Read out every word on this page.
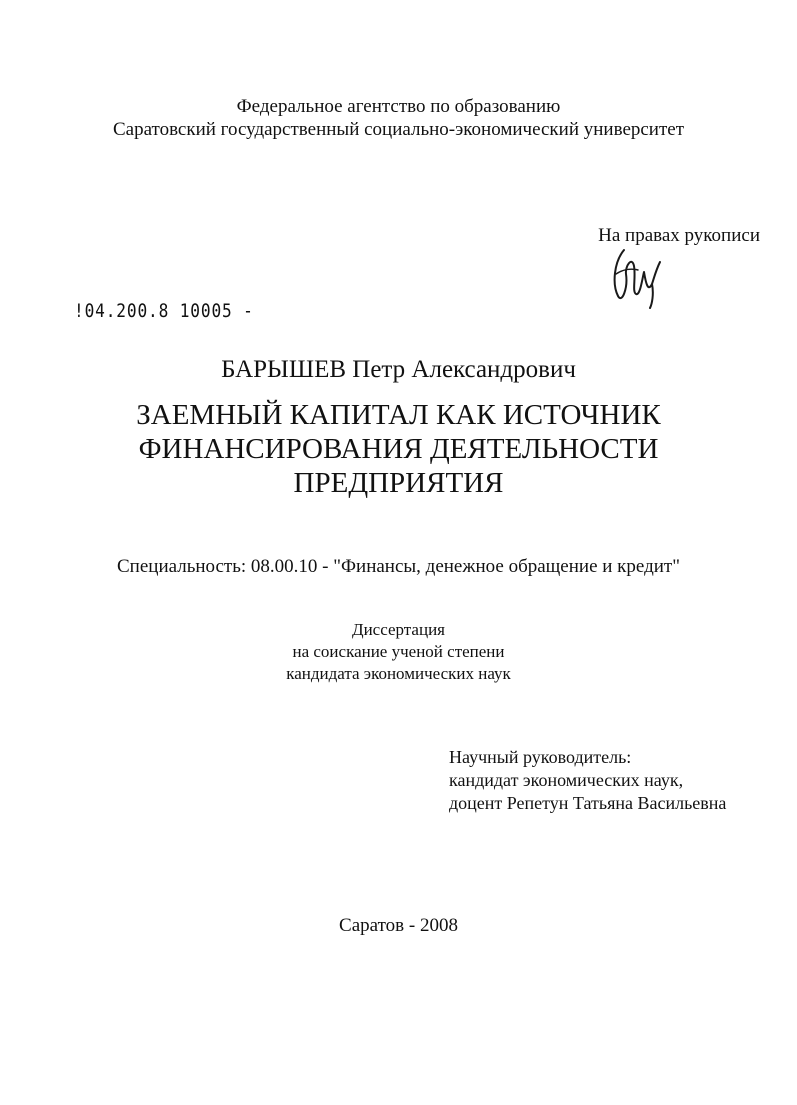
Федеральное агентство по образованию
Саратовский государственный социально-экономический университет
На правах рукописи
!04.200.8 10005 -
БАРЫШЕВ Петр Александрович
ЗАЕМНЫЙ КАПИТАЛ КАК ИСТОЧНИК
ФИНАНСИРОВАНИЯ ДЕЯТЕЛЬНОСТИ
ПРЕДПРИЯТИЯ
Специальность: 08.00.10 - "Финансы, денежное обращение и кредит"
Диссертация
на соискание ученой степени
кандидата экономических наук
Научный руководитель:
кандидат экономических наук,
доцент Репетун Татьяна Васильевна
Саратов - 2008
